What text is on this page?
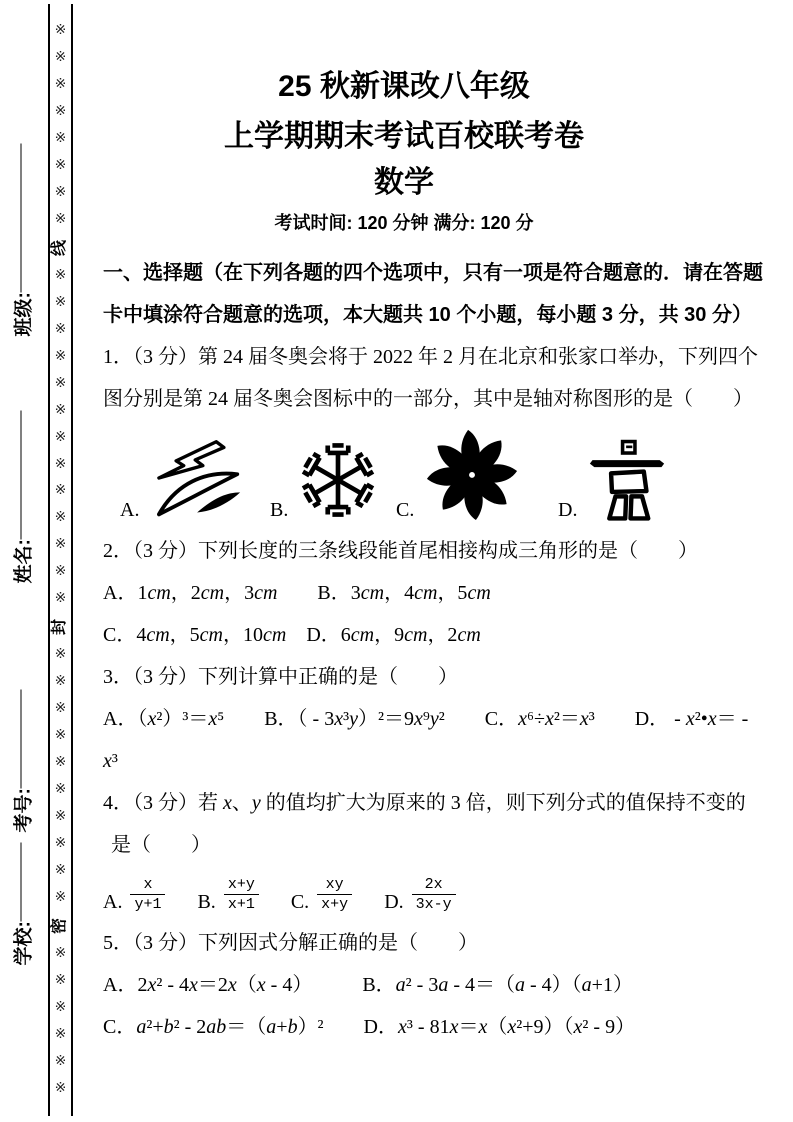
※
※
※
※
※
※
※
※
线
※
※
※
※
※
※
※
※
※
※
※
※
※
封
※
※
※
※
※
※
※
※
※
※
密
※
※
※
※
※
※
班级:
姓名:
考号:
学校:
25 秋新课改八年级
上学期期末考试百校联考卷
数学

考试时间: 120 分钟 满分: 120 分

一、选择题（在下列各题的四个选项中，只有一项是符合题意的．请在答题

卡中填涂符合题意的选项，本大题共 10 个小题，每小题 3 分，共 30 分）

1．（3 分）第 24 届冬奥会将于 2022 年 2 月在北京和张家口举办，下列四个

图分别是第 24 届冬奥会图标中的一部分，其中是轴对称图形的是（　　）

A.	B.	C.	D.

2．（3 分）下列长度的三条线段能首尾相接构成三角形的是（　　）

A．1cm，2cm，3cm　　B．3cm，4cm，5cm

C．4cm，5cm，10cm　D．6cm，9cm，2cm

3．（3 分）下列计算中正确的是（　　）

A．（x²）³＝x⁵　　B．（ - 3x³y）²＝9x⁹y²　　C．x⁶÷x²＝x³　　D． - x²•x＝ -

x³

4．（3 分）若 x、y 的值均扩大为原来的 3 倍，则下列分式的值保持不变的

是（　　）

A. $\frac{x}{y+1} B$. $\frac{x+y}{x+1} C$. $\frac{xy}{x+y} D$. $\frac{2x}{3x-y}$

5．（3 分）下列因式分解正确的是（　　）

A．2x² - 4x＝2x（x - 4）　　　B．a² - 3a - 4＝（a - 4）（a+1）

C．a²+b² - 2ab＝（a+b）²　　D．x³ - 81x＝x（x²+9）（x² - 9）
